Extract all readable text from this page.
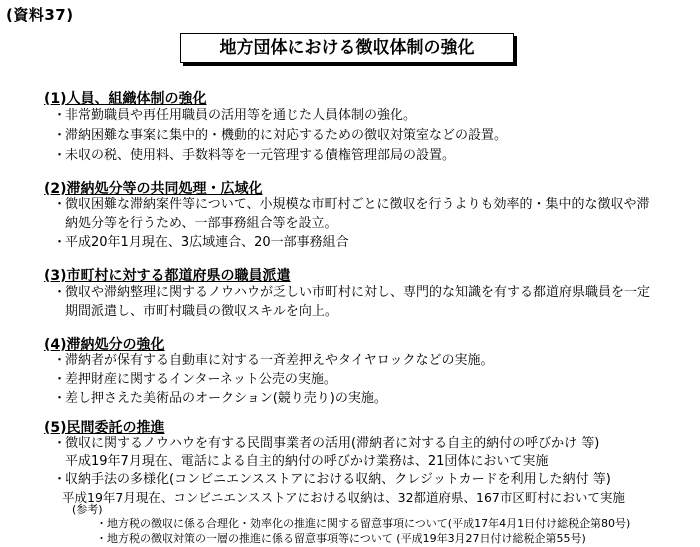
(資料37)
地方団体における徴収体制の強化
(1)人員、組織体制の強化
・非常勤職員や再任用職員の活用等を通じた人員体制の強化。
・滞納困難な事案に集中的・機動的に対応するための徴収対策室などの設置。
・未収の税、使用料、手数料等を一元管理する債権管理部局の設置。
(2)滞納処分等の共同処理・広域化
・徴収困難な滞納案件等について、小規模な市町村ごとに徴収を行うよりも効率的・集中的な徴収や滞
納処分等を行うため、一部事務組合等を設立。
・平成20年1月現在、3広域連合、20一部事務組合
(3)市町村に対する都道府県の職員派遣
・徴収や滞納整理に関するノウハウが乏しい市町村に対し、専門的な知識を有する都道府県職員を一定
期間派遣し、市町村職員の徴収スキルを向上。
(4)滞納処分の強化
・滞納者が保有する自動車に対する一斉差押えやタイヤロックなどの実施。
・差押財産に関するインターネット公売の実施。
・差し押さえた美術品のオークション(競り売り)の実施。
(5)民間委託の推進
・徴収に関するノウハウを有する民間事業者の活用(滞納者に対する自主的納付の呼びかけ 等)
平成19年7月現在、電話による自主的納付の呼びかけ業務は、21団体において実施
・収納手法の多様化(コンビニエンスストアにおける収納、クレジットカードを利用した納付 等)
平成19年7月現在、コンビニエンスストアにおける収納は、32都道府県、167市区町村において実施
(参考)
・地方税の徴収に係る合理化・効率化の推進に関する留意事項について(平成17年4月1日付け総税企第80号)
・地方税の徴収対策の一層の推進に係る留意事項等について (平成19年3月27日付け総税企第55号)
